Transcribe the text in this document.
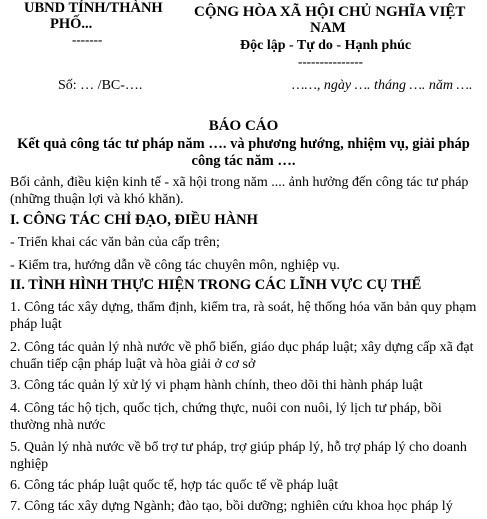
UBND TỈNH/THÀNH
PHỐ...
-------
CỘNG HÒA XÃ HỘI CHỦ NGHĨA VIỆT
NAM
Độc lập - Tự do - Hạnh phúc
---------------
Số: … /BC-….	……, ngày …. tháng …. năm ….
BÁO CÁO
Kết quả công tác tư pháp năm …. và phương hướng, nhiệm vụ, giải pháp
công tác năm ….
Bối cảnh, điều kiện kinh tế - xã hội trong năm .... ảnh hưởng đến công tác tư pháp
(những thuận lợi và khó khăn).
I. CÔNG TÁC CHỈ ĐẠO, ĐIỀU HÀNH
- Triển khai các văn bản của cấp trên;
- Kiểm tra, hướng dẫn về công tác chuyên môn, nghiệp vụ.
II. TÌNH HÌNH THỰC HIỆN TRONG CÁC LĨNH VỰC CỤ THỂ
1. Công tác xây dựng, thẩm định, kiểm tra, rà soát, hệ thống hóa văn bản quy phạm
pháp luật
2. Công tác quản lý nhà nước về phổ biến, giáo dục pháp luật; xây dựng cấp xã đạt
chuẩn tiếp cận pháp luật và hòa giải ở cơ sở
3. Công tác quản lý xử lý vi phạm hành chính, theo dõi thi hành pháp luật
4. Công tác hộ tịch, quốc tịch, chứng thực, nuôi con nuôi, lý lịch tư pháp, bồi
thường nhà nước
5. Quản lý nhà nước về bổ trợ tư pháp, trợ giúp pháp lý, hỗ trợ pháp lý cho doanh
nghiệp
6. Công tác pháp luật quốc tế, hợp tác quốc tế về pháp luật
7. Công tác xây dựng Ngành; đào tạo, bồi dưỡng; nghiên cứu khoa học pháp lý
